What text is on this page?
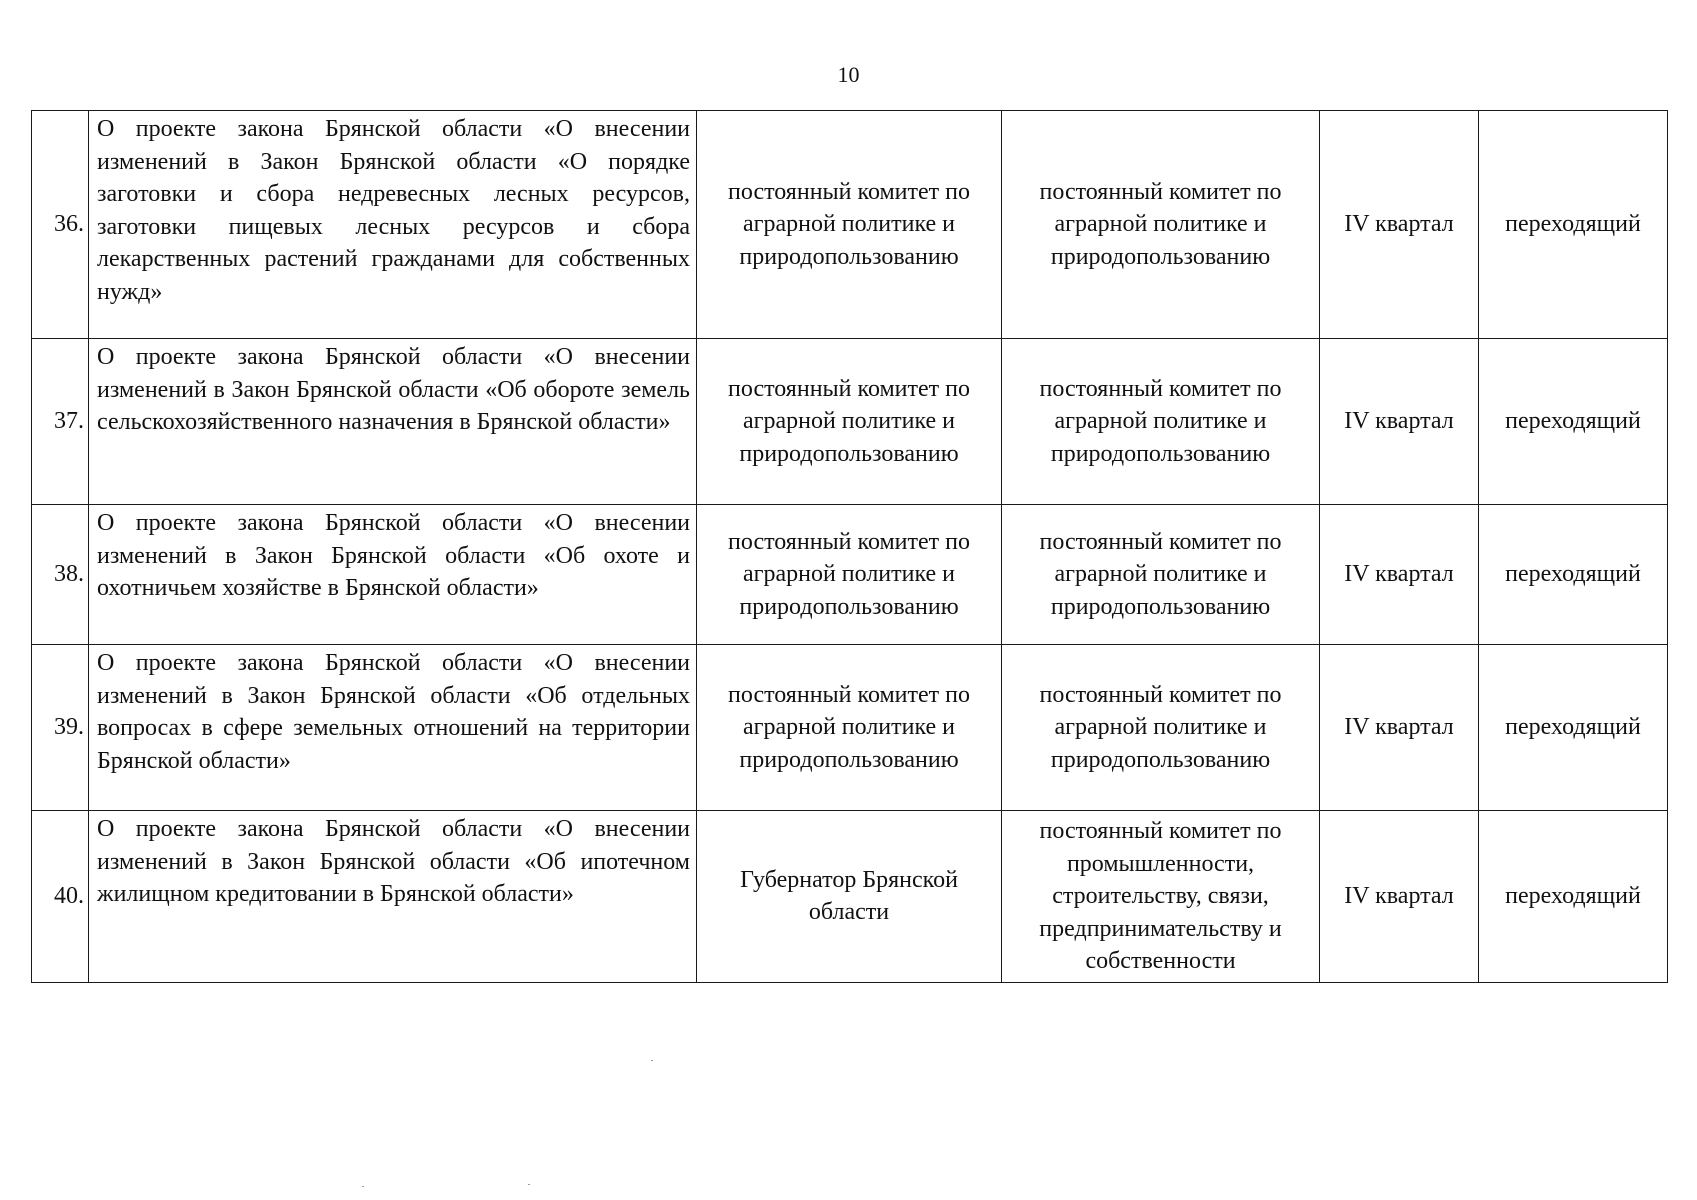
10
36.	О проекте закона Брянской области «О внесении изменений в Закон Брянской области «О порядке заготовки и сбора недревесных лесных ресурсов, заготовки пищевых лесных ресурсов и сбора лекарственных растений гражданами для собственных нужд»	постоянный комитет по аграрной политике и природопользованию	постоянный комитет по аграрной политике и природопользованию	IV квартал	переходящий
37.	О проекте закона Брянской области «О внесении изменений в Закон Брянской области «Об обороте земель сельскохозяйственного назначения в Брянской области»	постоянный комитет по аграрной политике и природопользованию	постоянный комитет по аграрной политике и природопользованию	IV квартал	переходящий
38.	О проекте закона Брянской области «О внесении изменений в Закон Брянской области «Об охоте и охотничьем хозяйстве в Брянской области»	постоянный комитет по аграрной политике и природопользованию	постоянный комитет по аграрной политике и природопользованию	IV квартал	переходящий
39.	О проекте закона Брянской области «О внесении изменений в Закон Брянской области «Об отдельных вопросах в сфере земельных отношений на территории Брянской области»	постоянный комитет по аграрной политике и природопользованию	постоянный комитет по аграрной политике и природопользованию	IV квартал	переходящий
40.	О проекте закона Брянской области «О внесении изменений в Закон Брянской области «Об ипотечном жилищном кредитовании в Брянской области»	Губернатор Брянской области	постоянный комитет по промышленности, строительству, связи, предпринимательству и собственности	IV квартал	переходящий
